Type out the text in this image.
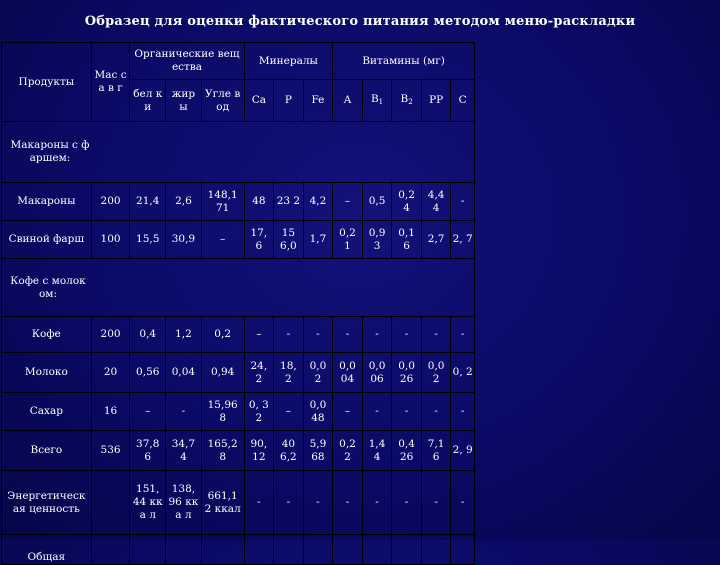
Образец для оценки фактического питания методом меню-раскладки
Продукты	Мас са в г	Органические вещества			Минералы			Витамины (мг)				
		бел ки	жир ы	Угле вод	Ca	P	Fe	A	$B_1$	$B_2$	PP	C

Макароны с фаршем:												

Макароны	200	21,4	2,6	148,1 71	48	23 2	4,2	–	0,5	0,2 4	4,4 4	-
Свиной фарш	100	15,5	30,9	–	17, 6	15 6,0	1,7	0,2 1	0,9 3	0,1 6	2,7	2, 7

Кофе с молоком:												

Кофе	200	0,4	1,2	0,2	–	-	-	-	-	-	-	-
Молоко	20	0,56	0,04	0,94	24, 2	18, 2	0,0 2	0,0 04	0,0 06	0,0 26	0,0 2	0, 2
Сахар	16	–	-	15,96 8	0, 32	–	0,0 48	–	-	-	-	-
Всего	536	37,8 6	34,7 4	165,2 8	90, 12	40 6,2	5,9 68	0,2 2	1,4 4	0,4 26	7,1 6	2, 9
Энергетическ ая ценность		151, 44 кка л	138, 96 кка л	661,1 2 ккал	-	-	-	-	-	-	-	-
Общая												
